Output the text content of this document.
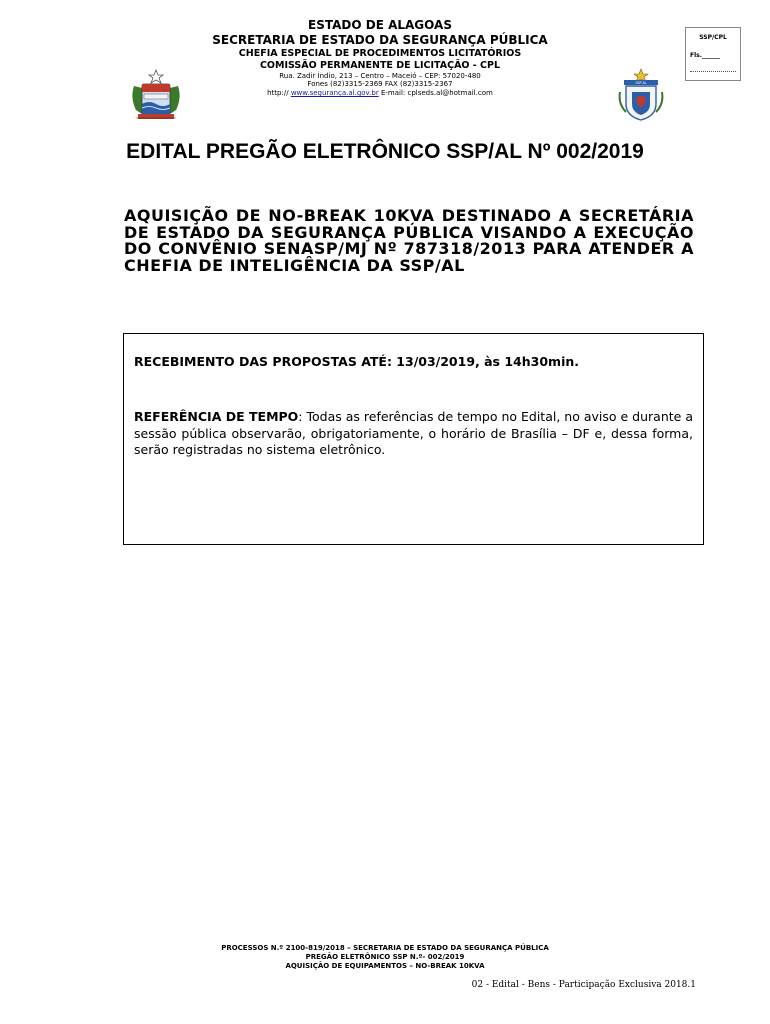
ESTADO DE ALAGOAS
SECRETARIA DE ESTADO DA SEGURANÇA PÚBLICA
CHEFIA ESPECIAL DE PROCEDIMENTOS LICITATÓRIOS
COMISSÃO PERMANENTE DE LICITAÇÃO - CPL
Rua. Zadir Índio, 213 – Centro – Maceió – CEP: 57020-480
Fones (82)3315-2369 FAX (82)3315-2367
http:// www.segurança.al.gov.br E-mail: cplseds.al@hotmail.com
SSP/CPL
Fls.______
SSP AL
EDITAL PREGÃO ELETRÔNICO SSP/AL Nº 002/2019
AQUISIÇÃO DE NO-BREAK 10KVA DESTINADO A SECRETÁRIA DE ESTADO DA SEGURANÇA PÚBLICA VISANDO A EXECUÇÃO DO CONVÊNIO SENASP/MJ Nº 787318/2013 PARA ATENDER A CHEFIA DE INTELIGÊNCIA DA SSP/AL
RECEBIMENTO DAS PROPOSTAS ATÉ: 13/03/2019, às 14h30min.
REFERÊNCIA DE TEMPO: Todas as referências de tempo no Edital, no aviso e durante a sessão pública observarão, obrigatoriamente, o horário de Brasília – DF e, dessa forma, serão registradas no sistema eletrônico.
PROCESSOS N.º 2100-819/2018 – SECRETARIA DE ESTADO DA SEGURANÇA PÚBLICA
PREGÃO ELETRÔNICO SSP N.º- 002/2019
AQUISIÇÃO DE EQUIPAMENTOS – NO-BREAK 10KVA
02 - Edital - Bens - Participação Exclusiva 2018.1
